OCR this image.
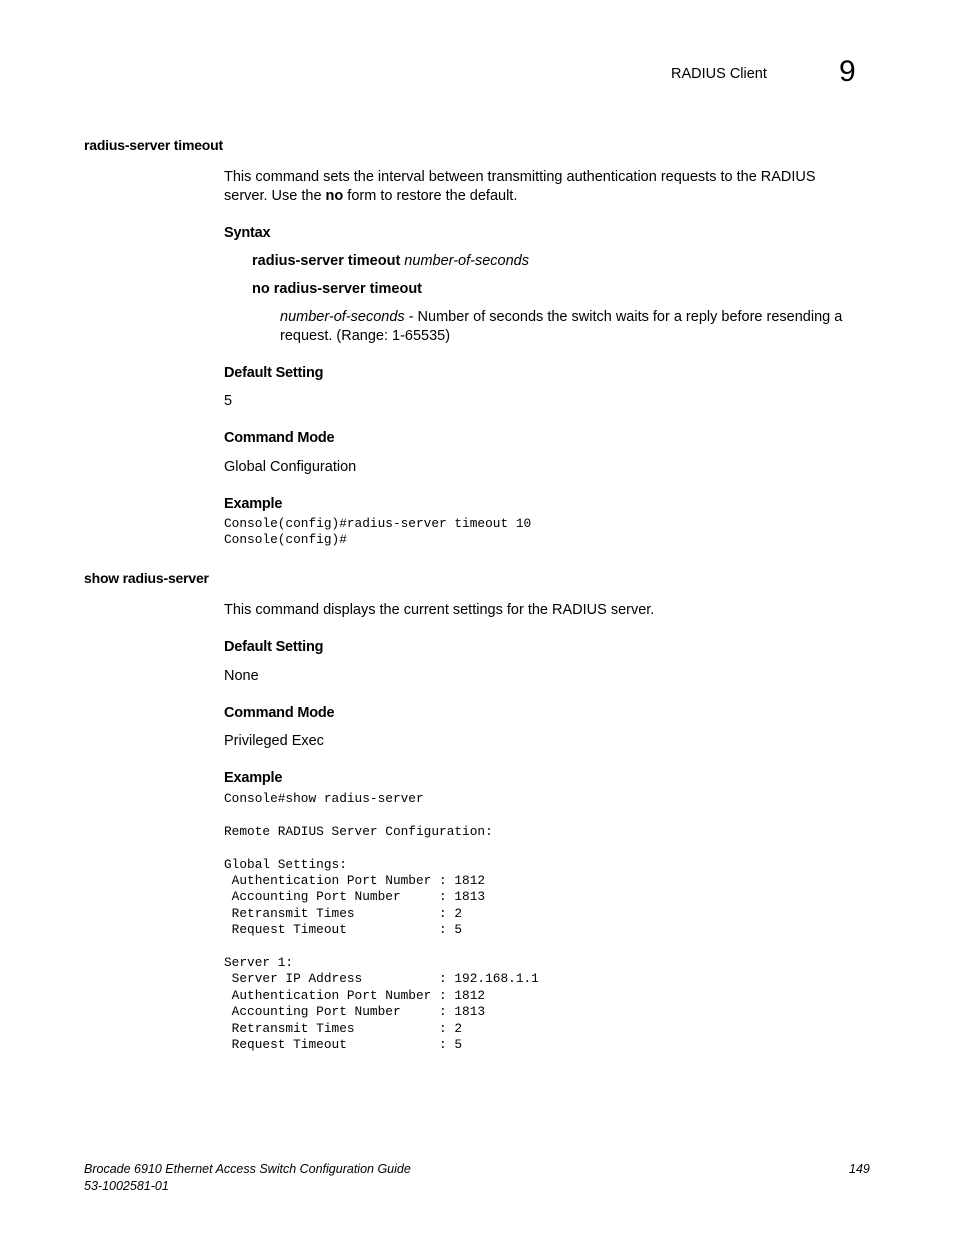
RADIUS Client 9
radius-server timeout

This command sets the interval between transmitting authentication requests to the RADIUS server. Use the no form to restore the default.

Syntax
radius-server timeout number-of-seconds
no radius-server timeout

number-of-seconds - Number of seconds the switch waits for a reply before resending a request. (Range: 1-65535)

Default Setting
5
Command Mode
Global Configuration
Example
Console(config)#radius-server timeout 10
Console(config)#
show radius-server

This command displays the current settings for the RADIUS server.

Default Setting
None
Command Mode
Privileged Exec
Example
Console#show radius-server

Remote RADIUS Server Configuration:

Global Settings:
Authentication Port Number : 1812
Accounting Port Number     : 1813
Retransmit Times           : 2
Request Timeout            : 5

Server 1:
Server IP Address          : 192.168.1.1
Authentication Port Number : 1812
Accounting Port Number     : 1813
Retransmit Times           : 2
Request Timeout            : 5
Brocade 6910 Ethernet Access Switch Configuration Guide
53-1002581-01
149
